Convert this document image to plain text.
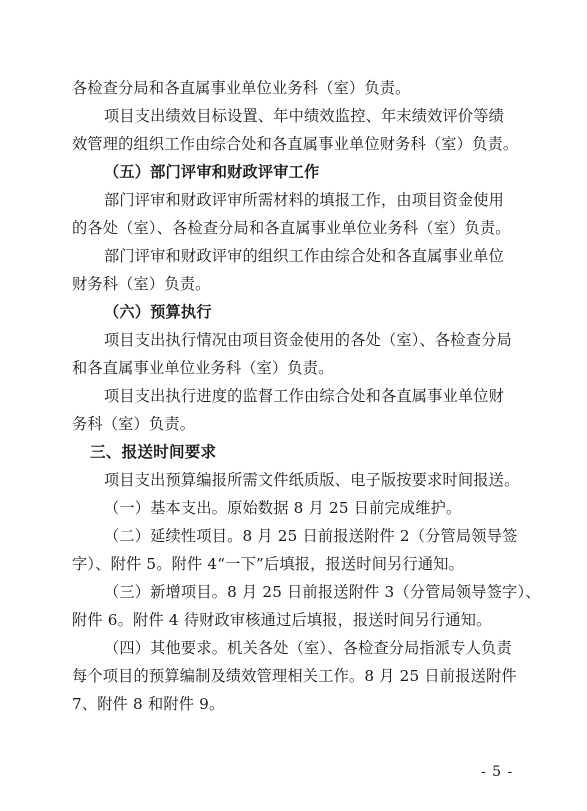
各检查分局和各直属事业单位业务科（室）负责。
项目支出绩效目标设置、年中绩效监控、年末绩效评价等绩
效管理的组织工作由综合处和各直属事业单位财务科（室）负责。
（五）部门评审和财政评审工作
部门评审和财政评审所需材料的填报工作，由项目资金使用
的各处（室）、各检查分局和各直属事业单位业务科（室）负责。
部门评审和财政评审的组织工作由综合处和各直属事业单位
财务科（室）负责。
（六）预算执行
项目支出执行情况由项目资金使用的各处（室）、各检查分局
和各直属事业单位业务科（室）负责。
项目支出执行进度的监督工作由综合处和各直属事业单位财
务科（室）负责。
三、报送时间要求
项目支出预算编报所需文件纸质版、电子版按要求时间报送。
（一）基本支出。原始数据 8 月 25 日前完成维护。
（二）延续性项目。8 月 25 日前报送附件 2（分管局领导签
字）、附件 5。附件 4“一下”后填报，报送时间另行通知。
（三）新增项目。8 月 25 日前报送附件 3（分管局领导签字）、
附件 6。附件 4 待财政审核通过后填报，报送时间另行通知。
（四）其他要求。机关各处（室）、各检查分局指派专人负责
每个项目的预算编制及绩效管理相关工作。8 月 25 日前报送附件
7、附件 8 和附件 9。
- 5 -
